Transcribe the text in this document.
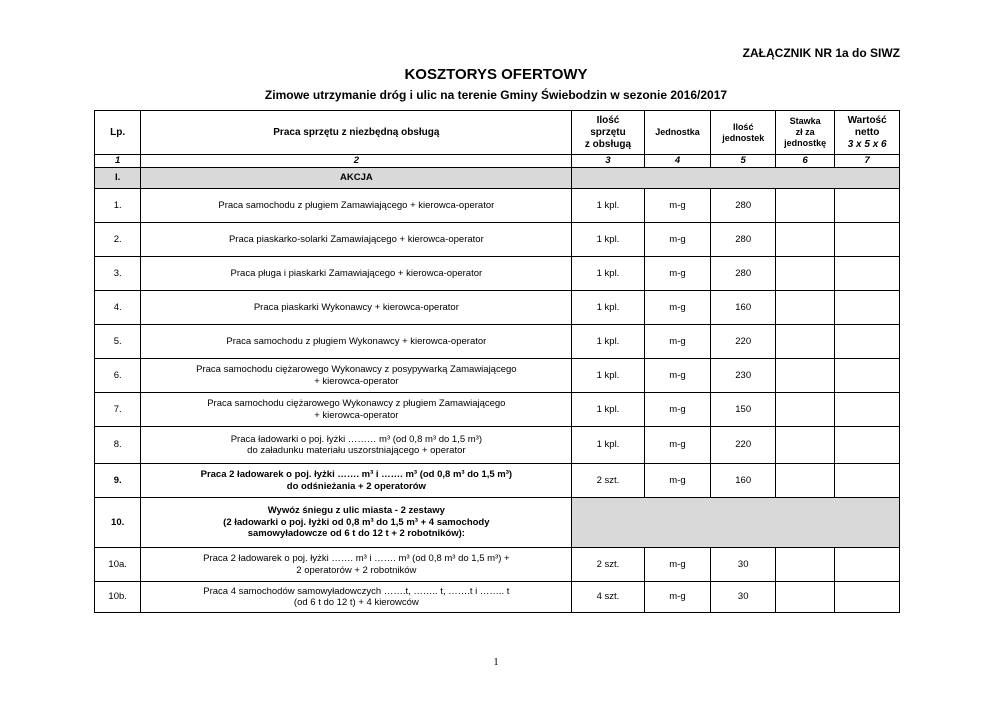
ZAŁĄCZNIK NR 1a do SIWZ
KOSZTORYS OFERTOWY
Zimowe utrzymanie dróg i ulic na terenie Gminy Świebodzin w sezonie 2016/2017
Lp.	Praca sprzętu z niezbędną obsługą	Ilość
sprzętu
z obsługą	Jednostka	Ilość
jednostek	Stawka
zł za
jednostkę	Wartość
netto
3 x 5 x 6
1	2	3	4	5	6	7
I.	AKCJA					
1.	Praca samochodu z pługiem Zamawiającego + kierowca-operator	1 kpl.	m-g	280		
2.	Praca piaskarko-solarki Zamawiającego + kierowca-operator	1 kpl.	m-g	280		
3.	Praca pługa i piaskarki Zamawiającego + kierowca-operator	1 kpl.	m-g	280		
4.	Praca piaskarki Wykonawcy + kierowca-operator	1 kpl.	m-g	160		
5.	Praca samochodu z pługiem Wykonawcy + kierowca-operator	1 kpl.	m-g	220		
6.	Praca samochodu ciężarowego Wykonawcy z posypywarką Zamawiającego
+ kierowca-operator	1 kpl.	m-g	230		
7.	Praca samochodu ciężarowego Wykonawcy z pługiem Zamawiającego
+ kierowca-operator	1 kpl.	m-g	150		
8.	Praca ładowarki o poj. łyżki ……… m³ (od 0,8 m³ do 1,5 m³)
do załadunku materiału uszorstniającego + operator	1 kpl.	m-g	220		
9.	Praca 2 ładowarek o poj. łyżki ……. m³ i ……. m³ (od 0,8 m³ do 1,5 m³)
do odśnieżania + 2 operatorów	2 szt.	m-g	160		
10.	Wywóz śniegu z ulic miasta - 2 zestawy
(2 ładowarki o poj. łyżki od 0,8 m³ do 1,5 m³ + 4 samochody
samowyładowcze od 6 t do 12 t + 2 robotników):					
10a.	Praca 2 ładowarek o poj. łyżki ……. m³ i ……. m³ (od 0,8 m³ do 1,5 m³) +
2 operatorów + 2 robotników	2 szt.	m-g	30		
10b.	Praca 4 samochodów samowyładowczych …….t, …….. t, …….t i …….. t
(od 6 t do 12 t) + 4 kierowców	4 szt.	m-g	30		
1
